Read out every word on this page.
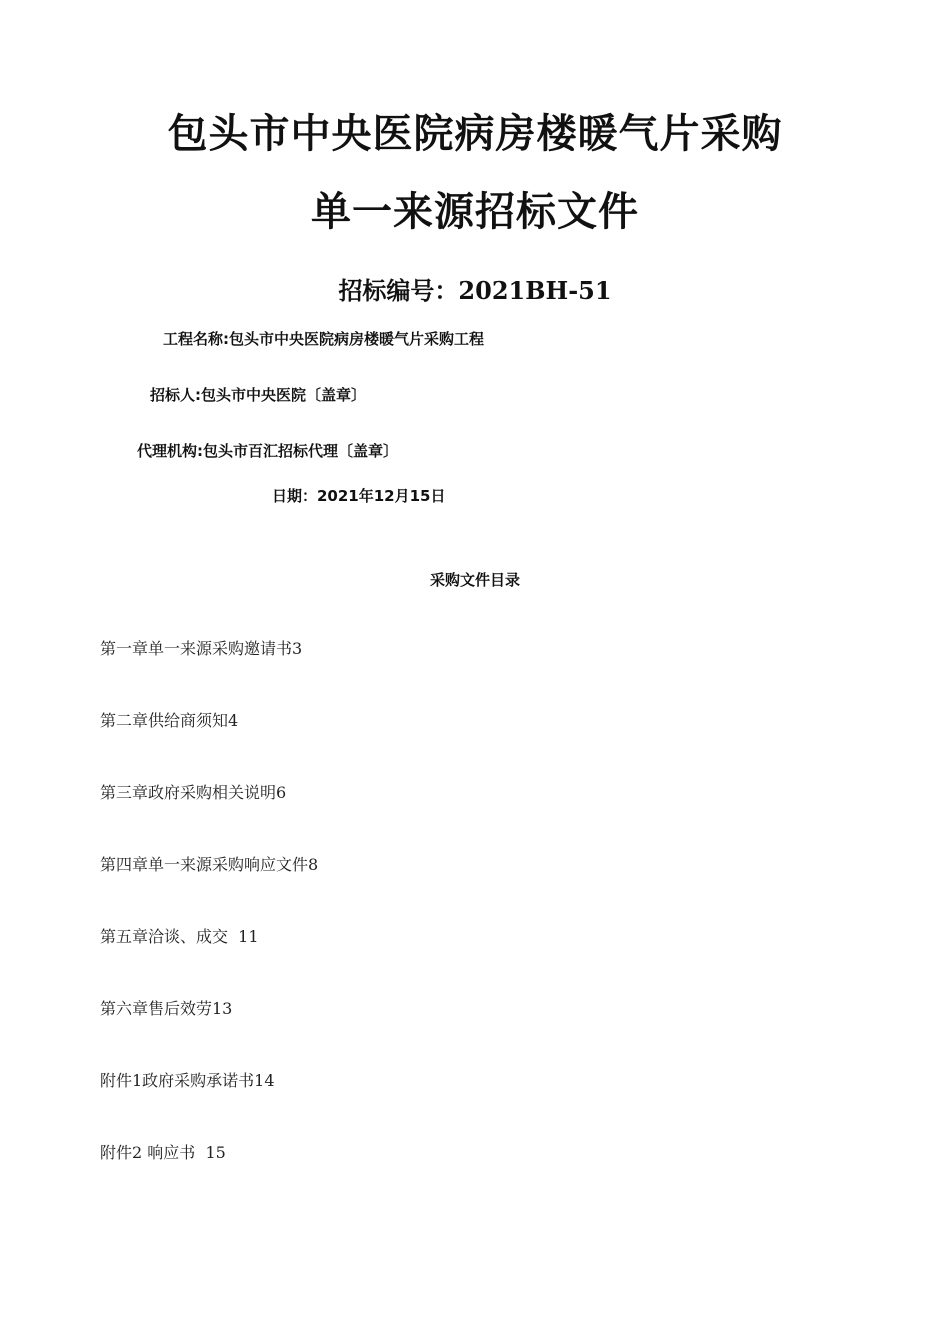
包头市中央医院病房楼暖气片采购
单一来源招标文件
招标编号：2021BH-51
工程名称:包头市中央医院病房楼暖气片采购工程
招标人:包头市中央医院〔盖章〕
代理机构:包头市百汇招标代理〔盖章〕
日期：2021年12月15日
采购文件目录
第一章单一来源采购邀请书3
第二章供给商须知4
第三章政府采购相关说明6
第四章单一来源采购响应文件8
第五章洽谈、成交  11
第六章售后效劳13
附件1政府采购承诺书14
附件2 响应书  15
